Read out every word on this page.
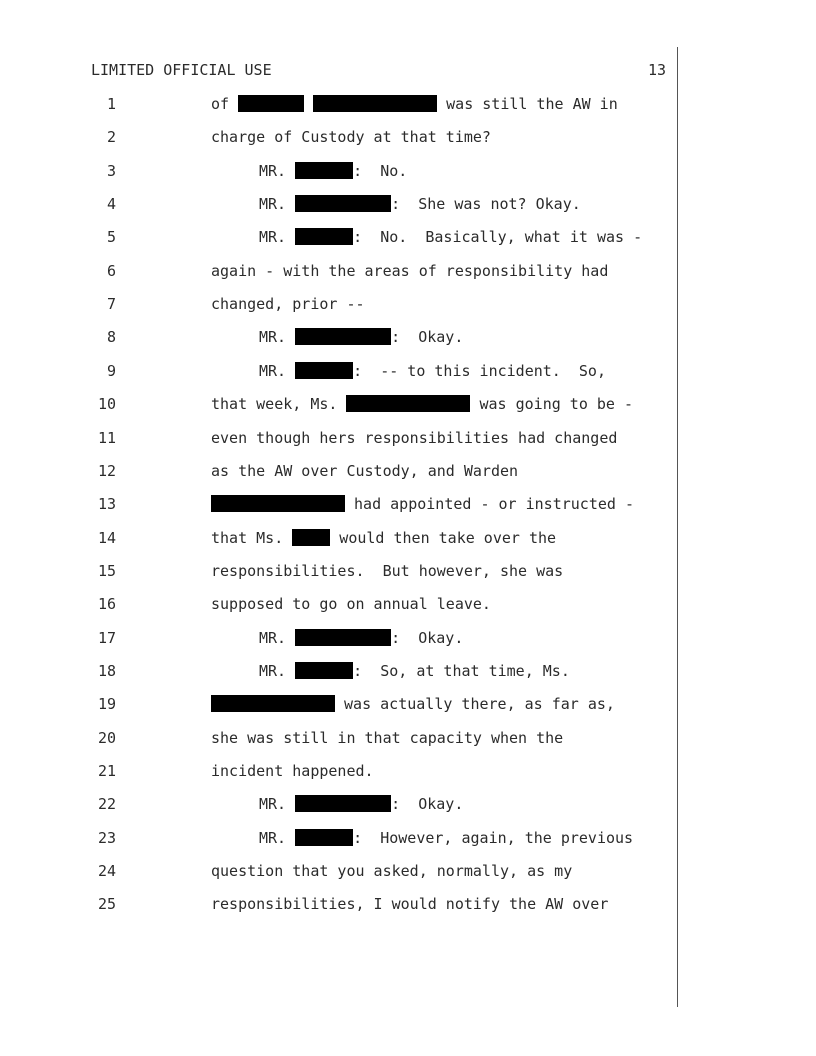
LIMITED OFFICIAL USE	13
1	of	was still the AW in
2	charge of Custody at that time?
3	MR.	:  No.
4	MR.	:  She was not? Okay.
5	MR.	:  No.  Basically, what it was -
6	again - with the areas of responsibility had
7	changed, prior --
8	MR.	:  Okay.
9	MR.	:  -- to this incident.  So,
10	that week, Ms.	was going to be -
11	even though hers responsibilities had changed
12	as the AW over Custody, and Warden
13	had appointed - or instructed -
14	that Ms.	would then take over the
15	responsibilities.  But however, she was
16	supposed to go on annual leave.
17	MR.	:  Okay.
18	MR.	:  So, at that time, Ms.
19	was actually there, as far as,
20	she was still in that capacity when the
21	incident happened.
22	MR.	:  Okay.
23	MR.	:  However, again, the previous
24	question that you asked, normally, as my
25	responsibilities, I would notify the AW over
